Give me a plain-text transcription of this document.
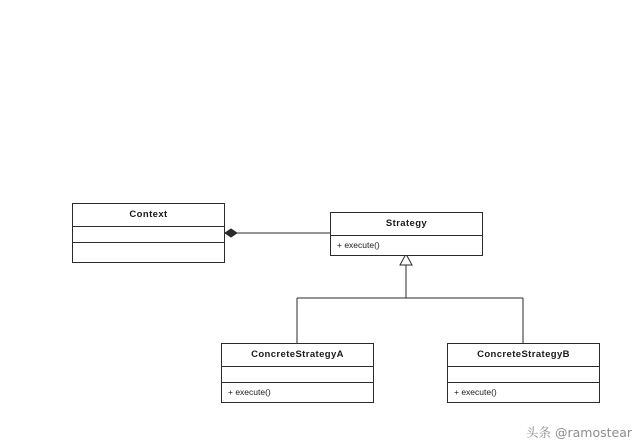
Context
Strategy
+ execute()
ConcreteStrategyA
+ execute()
ConcreteStrategyB
+ execute()
头条 @ramostear
